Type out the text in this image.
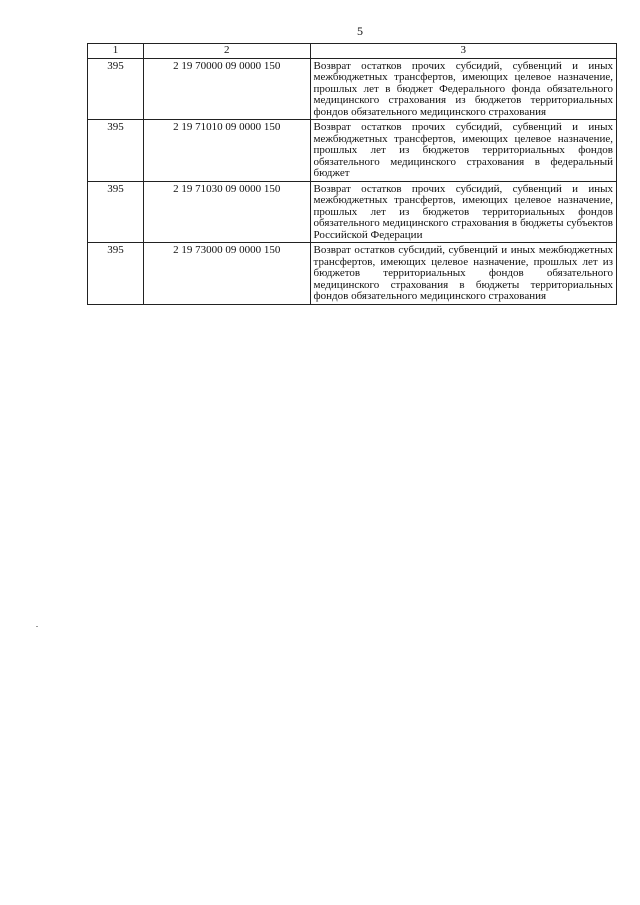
5
1	2	3
395	2 19 70000 09 0000 150	Возврат остатков прочих субсидий, субвенций и иных межбюджетных трансфертов, имеющих целевое назначение, прошлых лет в бюджет Федерального фонда обязательного медицинского страхования из бюджетов территориальных фондов обязательного медицинского страхования
395	2 19 71010 09 0000 150	Возврат остатков прочих субсидий, субвенций и иных межбюджетных трансфертов, имеющих целевое назначение, прошлых лет из бюджетов территориальных фондов обязательного медицинского страхования в федеральный бюджет
395	2 19 71030 09 0000 150	Возврат остатков прочих субсидий, субвенций и иных межбюджетных трансфертов, имеющих целевое назначение, прошлых лет из бюджетов территориальных фондов обязательного медицинского страхования в бюджеты субъектов Российской Федерации
395	2 19 73000 09 0000 150	Возврат остатков субсидий, субвенций и иных межбюджетных трансфертов, имеющих целевое назначение, прошлых лет из бюджетов территориальных фондов обязательного медицинского страхования в бюджеты территориальных фондов обязательного медицинского страхования
